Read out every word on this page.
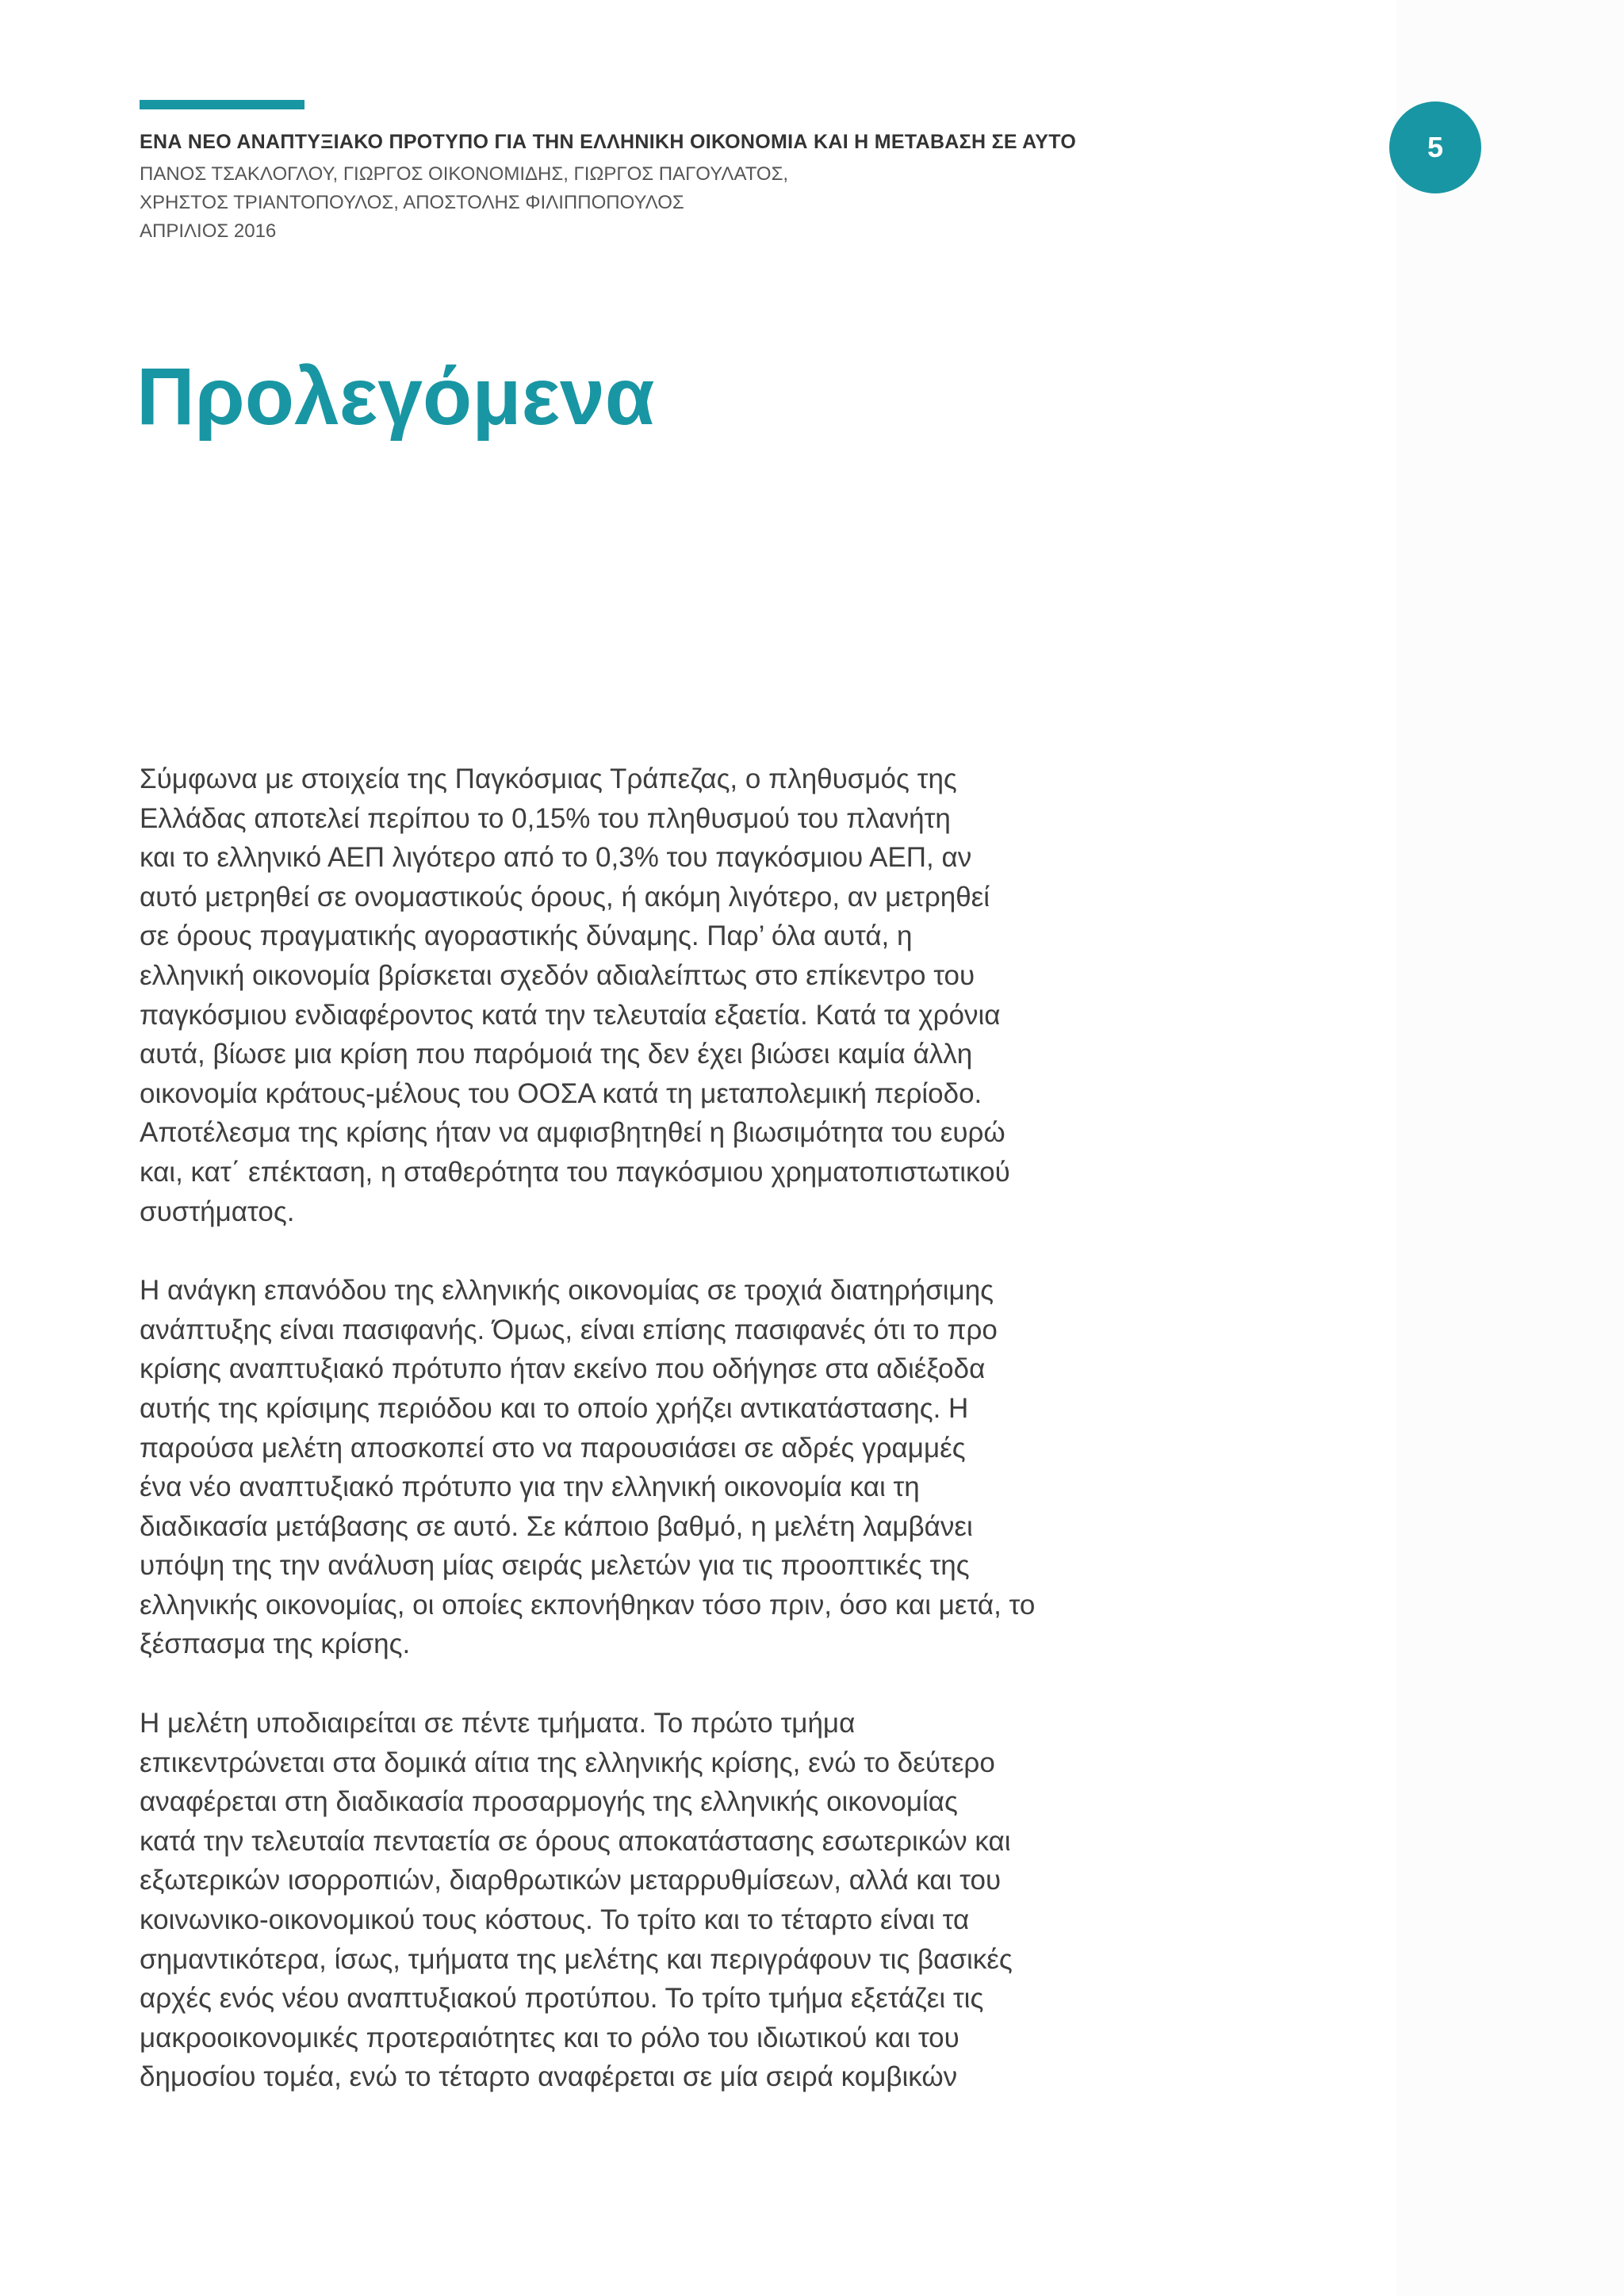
ΕΝΑ ΝΕΟ ΑΝΑΠΤΥΞΙΑΚΟ ΠΡΟΤΥΠΟ ΓΙΑ ΤΗΝ ΕΛΛΗΝΙΚΗ ΟΙΚΟΝΟΜΙΑ ΚΑΙ Η ΜΕΤΑΒΑΣΗ ΣΕ ΑΥΤΟ
ΠΑΝΟΣ ΤΣΑΚΛΟΓΛΟΥ, ΓΙΩΡΓΟΣ ΟΙΚΟΝΟΜΙΔΗΣ, ΓΙΩΡΓΟΣ ΠΑΓΟΥΛΑΤΟΣ,
ΧΡΗΣΤΟΣ ΤΡΙΑΝΤΟΠΟΥΛΟΣ, ΑΠΟΣΤΟΛΗΣ ΦΙΛΙΠΠΟΠΟΥΛΟΣ
ΑΠΡΙΛΙΟΣ 2016
5
Προλεγόμενα

Σύμφωνα με στοιχεία της Παγκόσμιας Τράπεζας, ο πληθυσμός της
Ελλάδας αποτελεί περίπου το 0,15% του πληθυσμού του πλανήτη
και το ελληνικό ΑΕΠ λιγότερο από το 0,3% του παγκόσμιου ΑΕΠ, αν
αυτό μετρηθεί σε ονομαστικούς όρους, ή ακόμη λιγότερο, αν μετρηθεί
σε όρους πραγματικής αγοραστικής δύναμης. Παρ’ όλα αυτά, η
ελληνική οικονομία βρίσκεται σχεδόν αδιαλείπτως στο επίκεντρο του
παγκόσμιου ενδιαφέροντος κατά την τελευταία εξαετία. Κατά τα χρόνια
αυτά, βίωσε μια κρίση που παρόμοιά της δεν έχει βιώσει καμία άλλη
οικονομία κράτους-μέλους του ΟΟΣΑ κατά τη μεταπολεμική περίοδο.
Αποτέλεσμα της κρίσης ήταν να αμφισβητηθεί η βιωσιμότητα του ευρώ
και, κατ΄ επέκταση, η σταθερότητα του παγκόσμιου χρηματοπιστωτικού
συστήματος.

Η ανάγκη επανόδου της ελληνικής οικονομίας σε τροχιά διατηρήσιμης
ανάπτυξης είναι πασιφανής. Όμως, είναι επίσης πασιφανές ότι το προ
κρίσης αναπτυξιακό πρότυπο ήταν εκείνο που οδήγησε στα αδιέξοδα
αυτής της κρίσιμης περιόδου και το οποίο χρήζει αντικατάστασης. Η
παρούσα μελέτη αποσκοπεί στο να παρουσιάσει σε αδρές γραμμές
ένα νέο αναπτυξιακό πρότυπο για την ελληνική οικονομία και τη
διαδικασία μετάβασης σε αυτό. Σε κάποιο βαθμό, η μελέτη λαμβάνει
υπόψη της την ανάλυση μίας σειράς μελετών για τις προοπτικές της
ελληνικής οικονομίας, οι οποίες εκπονήθηκαν τόσο πριν, όσο και μετά, το
ξέσπασμα της κρίσης.

Η μελέτη υποδιαιρείται σε πέντε τμήματα. Το πρώτο τμήμα
επικεντρώνεται στα δομικά αίτια της ελληνικής κρίσης, ενώ το δεύτερο
αναφέρεται στη διαδικασία προσαρμογής της ελληνικής οικονομίας
κατά την τελευταία πενταετία σε όρους αποκατάστασης εσωτερικών και
εξωτερικών ισορροπιών, διαρθρωτικών μεταρρυθμίσεων, αλλά και του
κοινωνικο-οικονομικού τους κόστους. Το τρίτο και το τέταρτο είναι τα
σημαντικότερα, ίσως, τμήματα της μελέτης και περιγράφουν τις βασικές
αρχές ενός νέου αναπτυξιακού προτύπου. Το τρίτο τμήμα εξετάζει τις
μακροοικονομικές προτεραιότητες και το ρόλο του ιδιωτικού και του
δημοσίου τομέα, ενώ το τέταρτο αναφέρεται σε μία σειρά κομβικών
